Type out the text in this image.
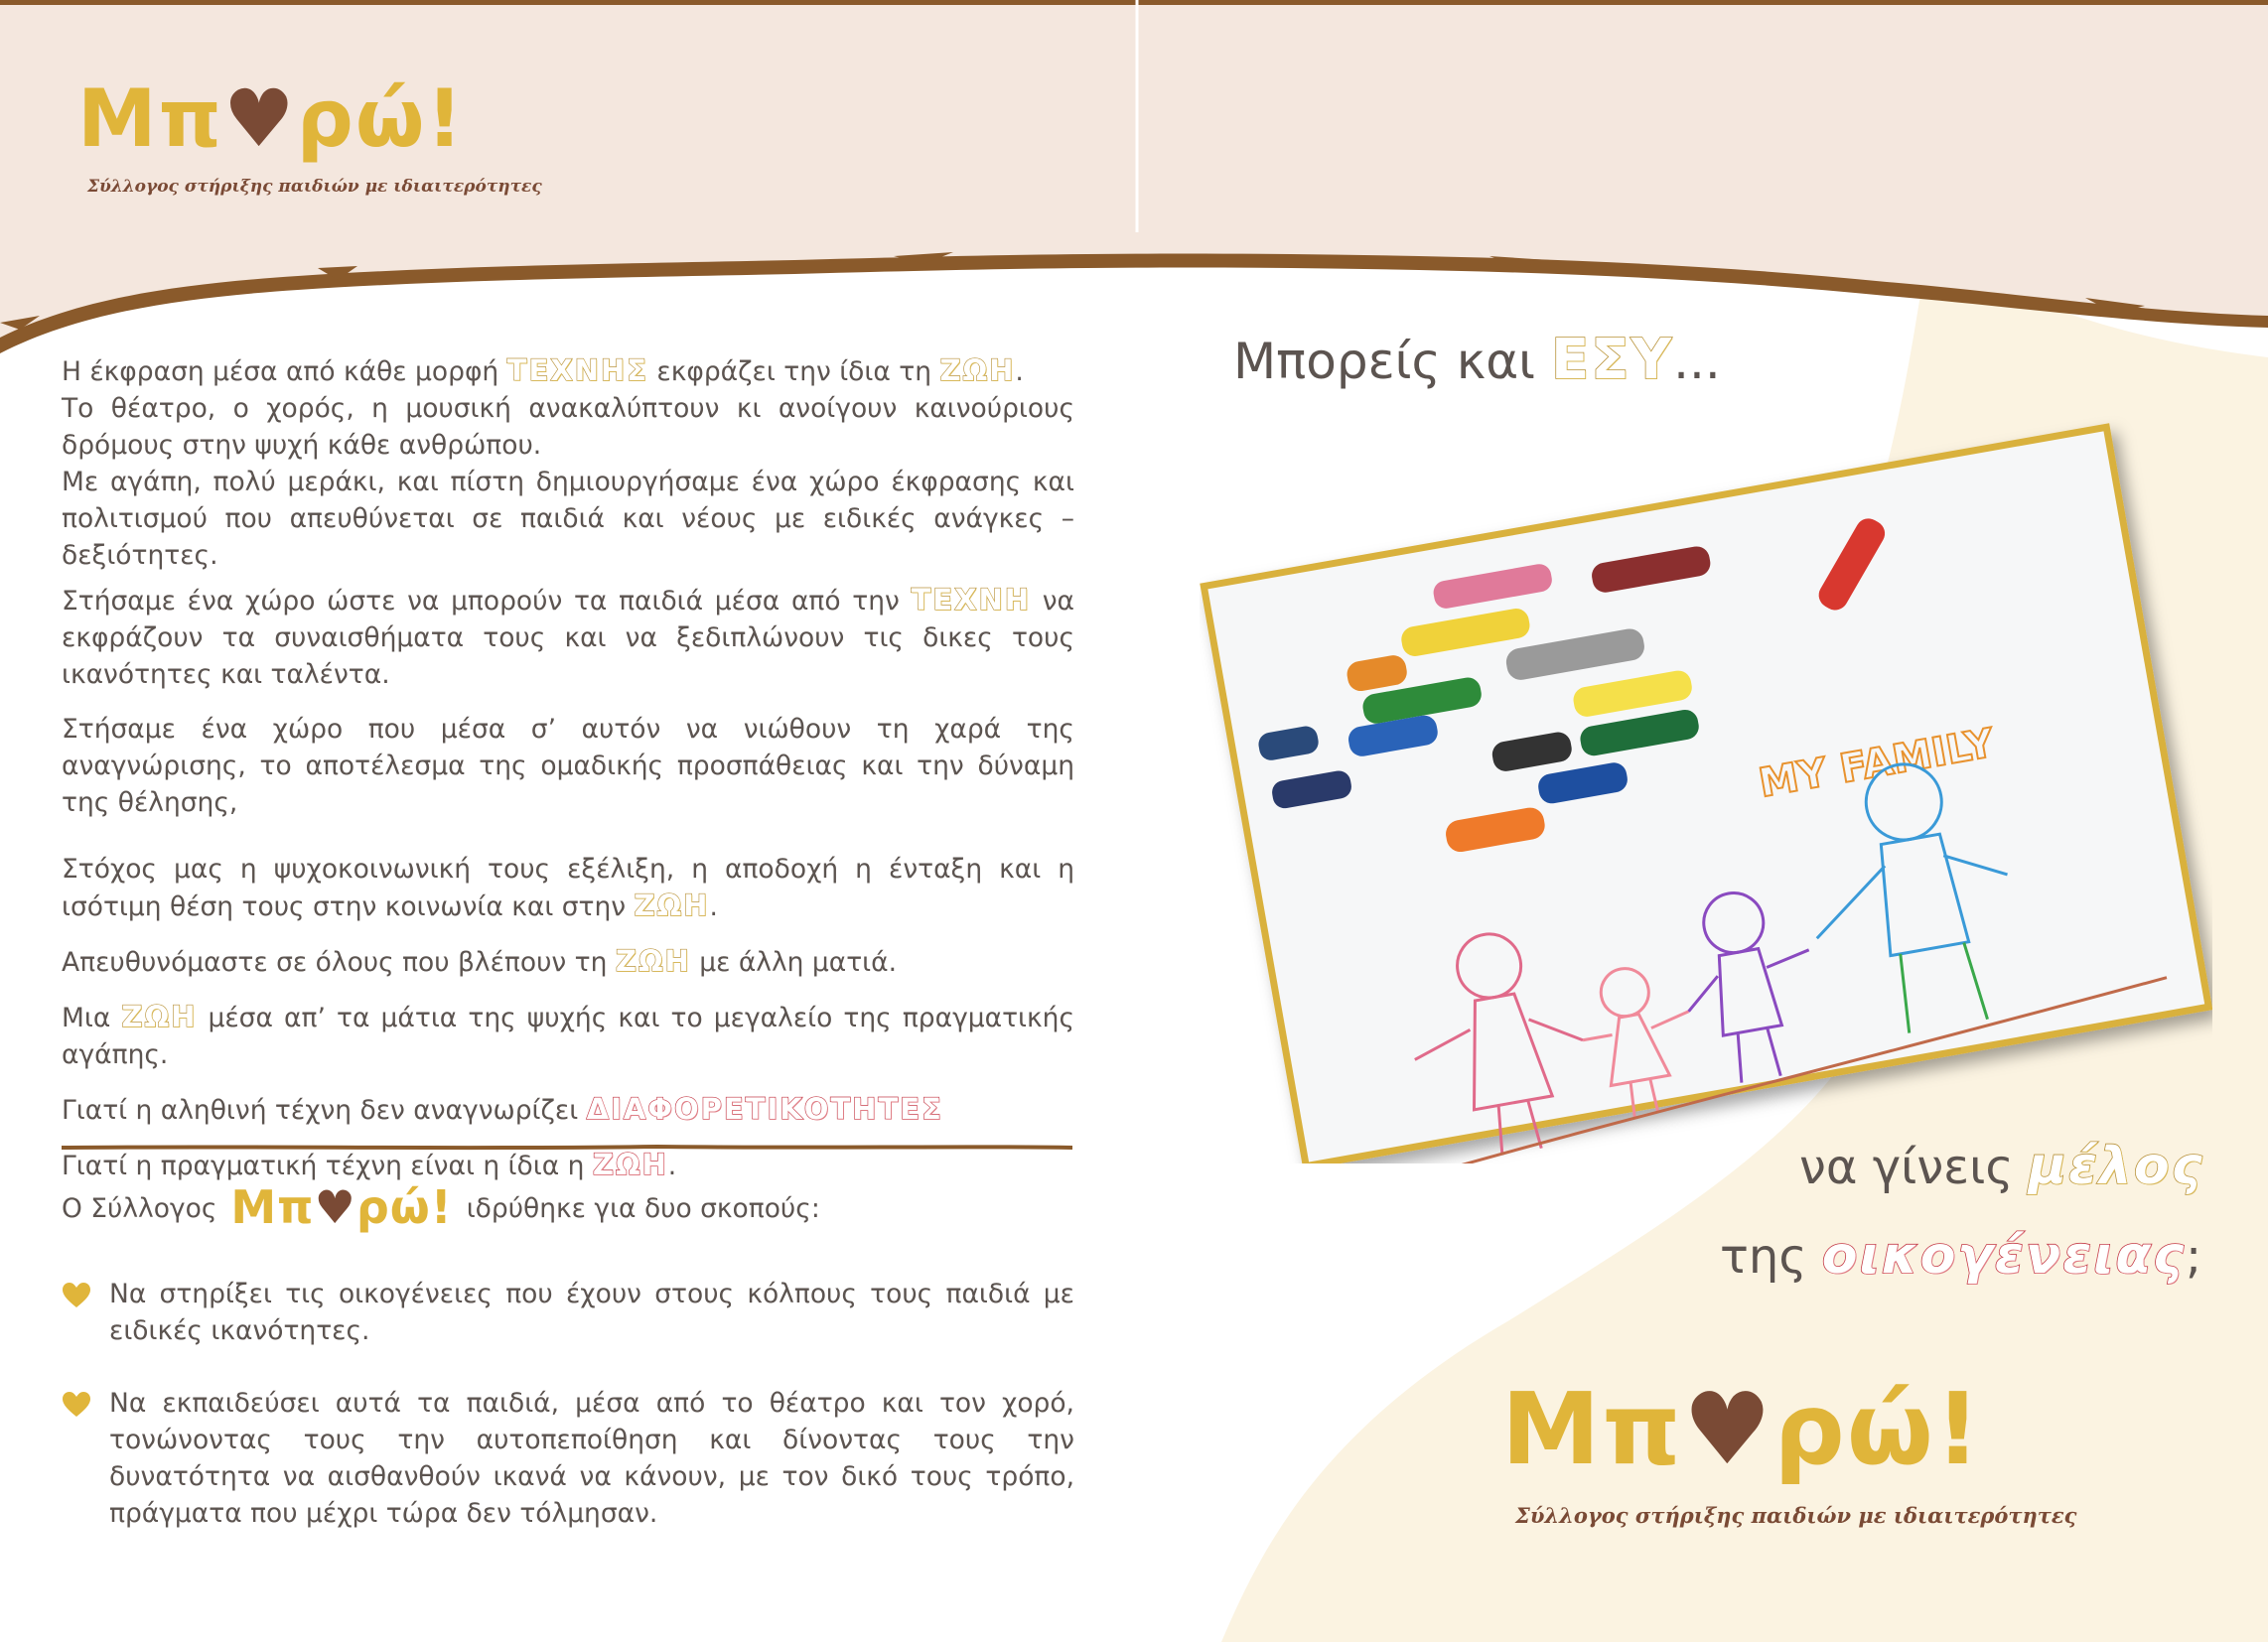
Μπ♥ρώ!
Σύλλογος στήριξης παιδιών με ιδιαιτερότητες

Η έκφραση μέσα από κάθε μορφή ΤΕΧΝΗΣ εκφράζει την ίδια τη ΖΩΗ.
Το θέατρο, ο χορός, η μουσική ανακαλύπτουν κι ανοίγουν καινούριους δρόμους στην ψυχή κάθε ανθρώπου.
Με αγάπη, πολύ μεράκι, και πίστη δημιουργήσαμε ένα χώρο έκφρασης και πολιτισμού που απευθύνεται σε παιδιά και νέους με ειδικές ανάγκες – δεξιότητες.

Στήσαμε ένα χώρο ώστε να μπορούν τα παιδιά μέσα από την ΤΕΧΝΗ να εκφράζουν τα συναισθήματα τους και να ξεδιπλώνουν τις δικες τους ικανότητες και ταλέντα.

Στήσαμε ένα χώρο που μέσα σ’ αυτόν να νιώθουν τη χαρά της αναγνώρισης, το αποτέλεσμα της ομαδικής προσπάθειας και την δύναμη της θέλησης,

Στόχος μας η ψυχοκοινωνική τους εξέλιξη, η αποδοχή η ένταξη και η ισότιμη θέση τους στην κοινωνία και στην ΖΩΗ.

Απευθυνόμαστε σε όλους που βλέπουν τη ΖΩΗ με άλλη ματιά.

Μια ΖΩΗ μέσα απ’ τα μάτια της ψυχής και το μεγαλείο της πραγματικής αγάπης.

Γιατί η αληθινή τέχνη δεν αναγνωρίζει ΔΙΑΦΟΡΕΤΙΚΟΤΗΤΕΣ

Γιατί η πραγματική τέχνη είναι η ίδια η ΖΩΗ.

Ο Σύλλογος Μπ♥ρώ! ιδρύθηκε για δυο σκοπούς:
Να στηρίξει τις οικογένειες που έχουν στους κόλπους τους παιδιά με ειδικές ικανότητες.
Να εκπαιδεύσει αυτά τα παιδιά, μέσα από το θέατρο και τον χορό, τονώνοντας τους την αυτοπεποίθηση και δίνοντας τους την δυνατότητα να αισθανθούν ικανά να κάνουν, με τον δικό τους τρόπο, πράγματα που μέχρι τώρα δεν τόλμησαν.
Μπορείς και ΕΣΥ...
MY FAMILY
να γίνεις μέλος
της οικογένειας;
Μπ♥ρώ!
Σύλλογος στήριξης παιδιών με ιδιαιτερότητες
